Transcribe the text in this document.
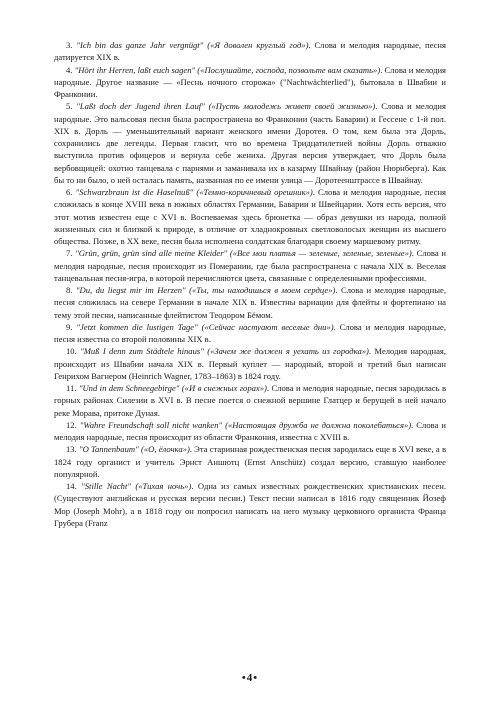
3. "Ich bin das ganze Jahr vergnügt" («Я доволен круглый год»). Слова и мелодия народные, песня датируется XIX в.

4. "Hört ihr Herren, laßt euch sagen" («Послушайте, господа, позвольте вам сказать»). Слова и мелодия народные. Другое название — «Песнь ночного сторожа» ("Nachtwächterlied"), бытовала в Швабии и Франконии.

5. "Laßt doch der Jugend ihren Lauf" («Пусть молодежь живет своей жизнью»). Слова и мелодия народные. Это вальсовая песня была распространена во Франконии (часть Баварии) и Гессене с 1-й пол. XIX в. Дорль — уменьшительный вариант женского имени Доротея. О том, кем была эта Дорль, сохранились две легенды. Первая гласит, что во времена Тридцатилетней войны Дорль отважно выступила против офицеров и вернула себе жениха. Другая версия утверждает, что Дорль была вербовщицей: охотно танцевала с парнями и заманивала их в казарму Швайнау (район Нюрнберга). Как бы то ни было, о ней осталась память, названная по ее имени улица — Доротеенштрассе в Швайнау.

6. "Schwarzbraun ist die Haselnuß" («Темно-коричневый орешник»). Слова и мелодия народные, песня сложилась в конце XVIII века в южных областях Германии, Баварии и Швейцарии. Хотя есть версия, что этот мотив известен еще с XVI в. Воспеваемая здесь брюнетка — образ девушки из народа, полной жизненных сил и близкой к природе, в отличие от хладнокровных светловолосых женщин из высшего общества. Позже, в XX веке, песня была исполнена солдатская благодаря своему маршевому ритму.

7. "Grün, grün, grün sind alle meine Kleider" («Все мои платья — зеленые, зеленые, зеленые»). Слова и мелодия народные, песня происходит из Померании, где была распространена с начала XIX в. Веселая танцевальная песня-игра, в которой перечисляются цвета, связанные с определенными профессиями.

8. "Du, du liegst mir im Herzen" («Ты, ты находишься в моем сердце»). Слова и мелодия народные, песня сложилась на севере Германии в начале XIX в. Известны вариации для флейты и фортепиано на тему этой песни, написанные флейтистом Теодором Бёмом.

9. "Jetzt kommen die lustigen Tage" («Сейчас настуают веселые дни»). Слова и мелодия народные, песня известна со второй половины XIX в.

10. "Muß I denn zum Städtele hinaus" («Зачем же должен я уехать из городка»). Мелодия народная, происходит из Швабии начала XIX в. Первый куплет — народный, второй и третий был написан Генрихом Вагнером (Heinrich Wagner, 1783–1863) в 1824 году.

11. "Und in dem Schneegebirge" («И в снежных горах»). Слова и мелодия народные, песня зародилась в горных районах Силезии в XVI в. В песне поется о снежной вершине Глатцер и берущей в ней начало реке Морава, притоке Дуная.

12. "Wahre Freundschaft soll nicht wanken" («Настоящая дружба не должна поколебаться»). Слова и мелодия народные, песня происходит из области Франкония, известна с XVIII в.

13. "O Tannenbaum" («О, ёлочка»). Эта старинная рождественская песня зародилась еще в XVI веке, а в 1824 году органист и учитель Эрнст Аншютц (Ernst Anschütz) создал версию, ставшую наиболее популярной.

14. "Stille Nacht" («Тихая ночь»). Одна из самых известных рождественских христианских песен. (Существуют английская и русская версии песни.) Текст песни написал в 1816 году священник Йозеф Мор (Joseph Mohr), а в 1818 году он попросил написать на него музыку церковного органиста Франца Грубера (Franz

•4•
